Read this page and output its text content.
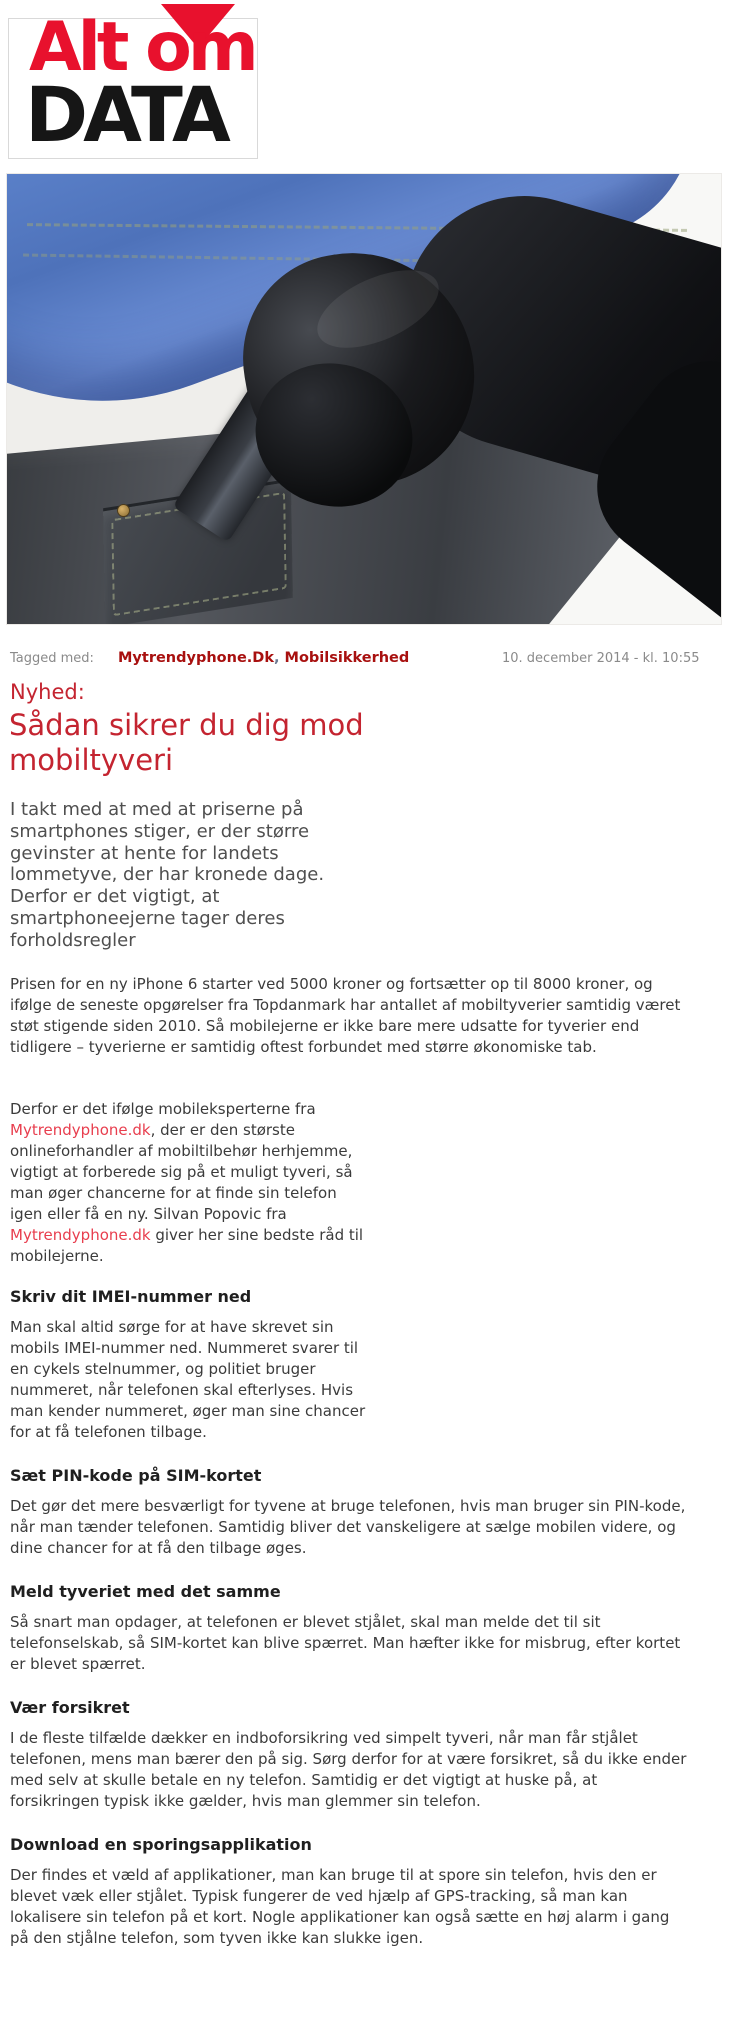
Alt om
DATA
Tagged med: Mytrendyphone.Dk, Mobilsikkerhed	10. december 2014 - kl. 10:55
Nyhed:
Sådan sikrer du dig mod mobiltyveri

I takt med at med at priserne på smartphones stiger, er der større gevinster at hente for landets lommetyve, der har kronede dage. Derfor er det vigtigt, at smartphoneejerne tager deres forholdsregler

Prisen for en ny iPhone 6 starter ved 5000 kroner og fortsætter op til 8000 kroner, og ifølge de seneste opgørelser fra Topdanmark har antallet af mobiltyverier samtidig været støt stigende siden 2010. Så mobilejerne er ikke bare mere udsatte for tyverier end tidligere – tyverierne er samtidig oftest forbundet med større økonomiske tab.

Derfor er det ifølge mobileksperterne fra Mytrendyphone.dk, der er den største onlineforhandler af mobiltilbehør herhjemme, vigtigt at forberede sig på et muligt tyveri, så man øger chancerne for at finde sin telefon igen eller få en ny. Silvan Popovic fra Mytrendyphone.dk giver her sine bedste råd til mobilejerne.

Skriv dit IMEI-nummer ned

Man skal altid sørge for at have skrevet sin mobils IMEI-nummer ned. Nummeret svarer til en cykels stelnummer, og politiet bruger nummeret, når telefonen skal efterlyses. Hvis man kender nummeret, øger man sine chancer for at få telefonen tilbage.

Sæt PIN-kode på SIM-kortet

Det gør det mere besværligt for tyvene at bruge telefonen, hvis man bruger sin PIN-kode, når man tænder telefonen. Samtidig bliver det vanskeligere at sælge mobilen videre, og dine chancer for at få den tilbage øges.

Meld tyveriet med det samme

Så snart man opdager, at telefonen er blevet stjålet, skal man melde det til sit telefonselskab, så SIM-kortet kan blive spærret. Man hæfter ikke for misbrug, efter kortet er blevet spærret.

Vær forsikret

I de fleste tilfælde dækker en indboforsikring ved simpelt tyveri, når man får stjålet telefonen, mens man bærer den på sig. Sørg derfor for at være forsikret, så du ikke ender med selv at skulle betale en ny telefon. Samtidig er det vigtigt at huske på, at forsikringen typisk ikke gælder, hvis man glemmer sin telefon.

Download en sporingsapplikation

Der findes et væld af applikationer, man kan bruge til at spore sin telefon, hvis den er blevet væk eller stjålet. Typisk fungerer de ved hjælp af GPS-tracking, så man kan lokalisere sin telefon på et kort. Nogle applikationer kan også sætte en høj alarm i gang på den stjålne telefon, som tyven ikke kan slukke igen.
